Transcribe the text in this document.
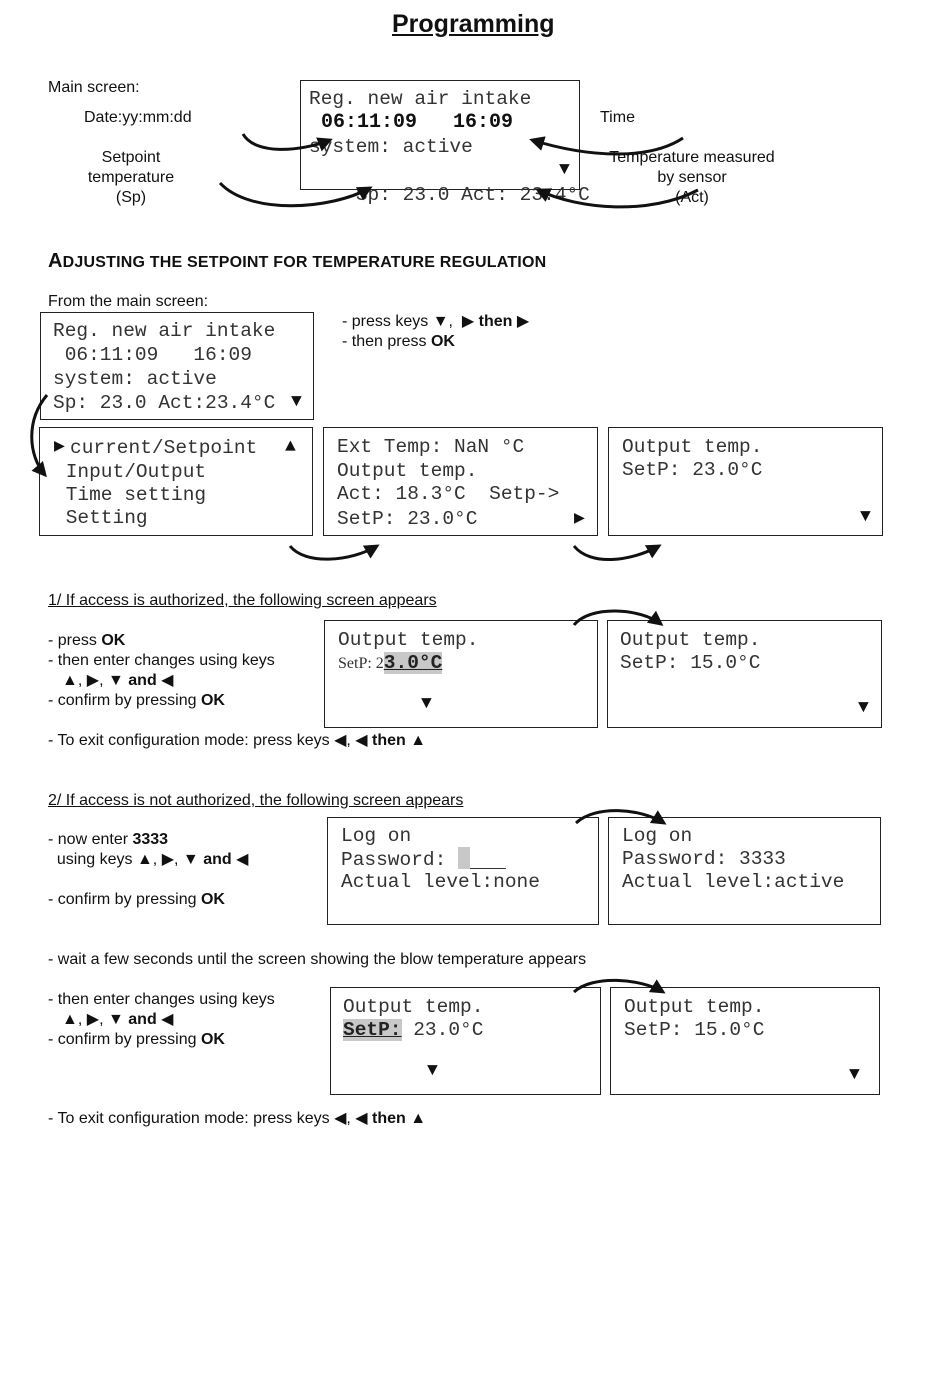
Programming
Main screen:
Date:yy:mm:dd	Time
Setpoint
temperature
(Sp)
Temperature measured
by sensor
(Act)
Reg. new air intake
06:11:09   16:09
system: active

Sp: 23.0 Act: 23.4°C

▼
ADJUSTING THE SETPOINT FOR TEMPERATURE REGULATION
From the main screen:
- press keys ▼,  ▶ then ▶
- then press OK
Reg. new air intake
06:11:09   16:09
system: active
Sp: 23.0 Act:23.4°C ▼
▶ current/Setpoint ▲
Input/Output
Time setting
Setting
Ext Temp: NaN °C
Output temp.
Act: 18.3°C  Setp->
SetP: 23.0°C	▶
Output temp.
SetP: 23.0°C
▼
1/ If access is authorized, the following screen appears
- press OK
- then enter changes using keys
▲, ▶, ▼ and ◀
- confirm by pressing OK
- To exit configuration mode: press keys ◀, ◀ then ▲
Output temp.
SetP: 23.0°C
▼
Output temp.
SetP: 15.0°C
▼
2/ If access is not authorized, the following screen appears
- now enter 3333
using keys ▲, ▶, ▼ and ◀
- confirm by pressing OK
Log on
Password:
Actual level:none
Log on
Password: 3333
Actual level:active
- wait a few seconds until the screen showing the blow temperature appears
- then enter changes using keys
▲, ▶, ▼ and ◀
- confirm by pressing OK
Output temp.
SetP: 23.0°C
▼
Output temp.
SetP: 15.0°C
▼
- To exit configuration mode: press keys ◀, ◀ then ▲
